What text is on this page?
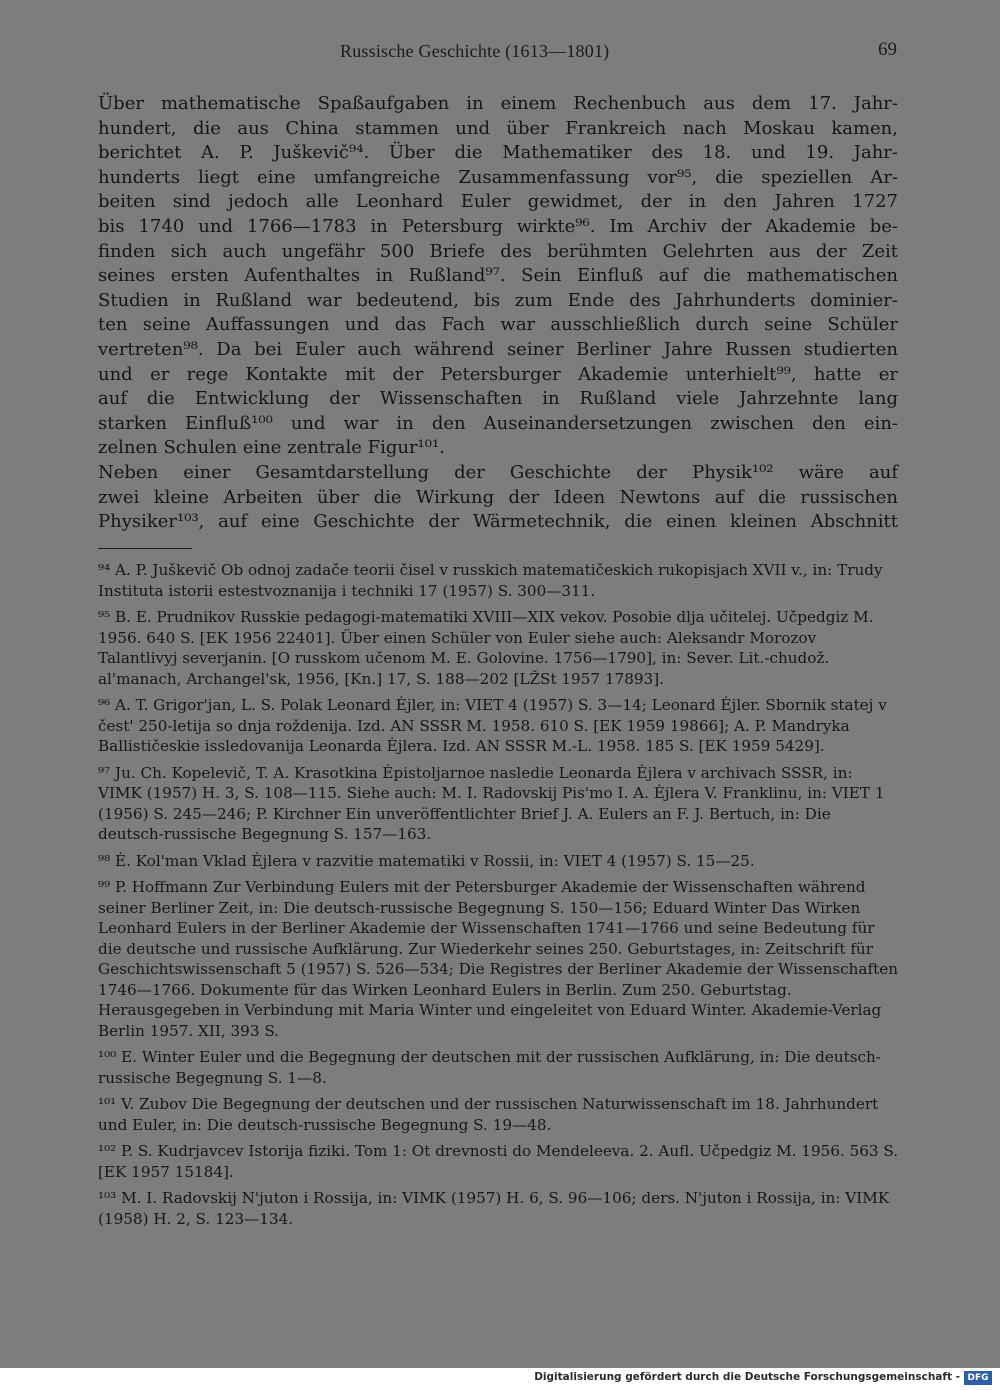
Russische Geschichte (1613—1801)	69
Über mathematische Spaßaufgaben in einem Rechenbuch aus dem 17. Jahr-
hundert, die aus China stammen und über Frankreich nach Moskau kamen,
berichtet A. P. Juškevič⁹⁴. Über die Mathematiker des 18. und 19. Jahr-
hunderts liegt eine umfangreiche Zusammenfassung vor⁹⁵, die speziellen Ar-
beiten sind jedoch alle Leonhard Euler gewidmet, der in den Jahren 1727
bis 1740 und 1766—1783 in Petersburg wirkte⁹⁶. Im Archiv der Akademie be-
finden sich auch ungefähr 500 Briefe des berühmten Gelehrten aus der Zeit
seines ersten Aufenthaltes in Rußland⁹⁷. Sein Einfluß auf die mathematischen
Studien in Rußland war bedeutend, bis zum Ende des Jahrhunderts dominier-
ten seine Auffassungen und das Fach war ausschließlich durch seine Schüler
vertreten⁹⁸. Da bei Euler auch während seiner Berliner Jahre Russen studierten
und er rege Kontakte mit der Petersburger Akademie unterhielt⁹⁹, hatte er
auf die Entwicklung der Wissenschaften in Rußland viele Jahrzehnte lang
starken Einfluß¹⁰⁰ und war in den Auseinandersetzungen zwischen den ein-
zelnen Schulen eine zentrale Figur¹⁰¹.
Neben einer Gesamtdarstellung der Geschichte der Physik¹⁰² wäre auf
zwei kleine Arbeiten über die Wirkung der Ideen Newtons auf die russischen
Physiker¹⁰³, auf eine Geschichte der Wärmetechnik, die einen kleinen Abschnitt
⁹⁴ A. P. Juškevič Ob odnoj zadače teorii čisel v russkich matematičeskich rukopisjach XVII v., in: Trudy Instituta istorii estestvoznanija i techniki 17 (1957) S. 300—311.
⁹⁵ B. E. Prudnikov Russkie pedagogi-matematiki XVIII—XIX vekov. Posobie dlja učitelej. Učpedgiz M. 1956. 640 S. [EK 1956 22401]. Über einen Schüler von Euler siehe auch: Aleksandr Morozov Talantlivyj severjanin. [O russkom učenom M. E. Golovine. 1756—1790], in: Sever. Lit.-chudož. al'manach, Archangel'sk, 1956, [Kn.] 17, S. 188—202 [LŽSt 1957 17893].
⁹⁶ A. T. Grigor'jan, L. S. Polak Leonard Ėjler, in: VIET 4 (1957) S. 3—14; Leonard Ėjler. Sbornik statej v čest' 250-letija so dnja roždenija. Izd. AN SSSR M. 1958. 610 S. [EK 1959 19866]; A. P. Mandryka Ballističeskie issledovanija Leonarda Ėjlera. Izd. AN SSSR M.-L. 1958. 185 S. [EK 1959 5429].
⁹⁷ Ju. Ch. Kopelevič, T. A. Krasotkina Ėpistoljarnoe nasledie Leonarda Ėjlera v archivach SSSR, in: VIMK (1957) H. 3, S. 108—115. Siehe auch: M. I. Radovskij Pis'mo I. A. Ėjlera V. Franklinu, in: VIET 1 (1956) S. 245—246; P. Kirchner Ein unveröffentlichter Brief J. A. Eulers an F. J. Bertuch, in: Die deutsch-russische Begegnung S. 157—163.
⁹⁸ Ė. Kol'man Vklad Ėjlera v razvitie matematiki v Rossii, in: VIET 4 (1957) S. 15—25.
⁹⁹ P. Hoffmann Zur Verbindung Eulers mit der Petersburger Akademie der Wissenschaften während seiner Berliner Zeit, in: Die deutsch-russische Begegnung S. 150—156; Eduard Winter Das Wirken Leonhard Eulers in der Berliner Akademie der Wissenschaften 1741—1766 und seine Bedeutung für die deutsche und russische Aufklärung. Zur Wiederkehr seines 250. Geburtstages, in: Zeitschrift für Geschichtswissenschaft 5 (1957) S. 526—534; Die Registres der Berliner Akademie der Wissenschaften 1746—1766. Dokumente für das Wirken Leonhard Eulers in Berlin. Zum 250. Geburtstag. Herausgegeben in Verbindung mit Maria Winter und eingeleitet von Eduard Winter. Akademie-Verlag Berlin 1957. XII, 393 S.
¹⁰⁰ E. Winter Euler und die Begegnung der deutschen mit der russischen Aufklärung, in: Die deutsch-russische Begegnung S. 1—8.
¹⁰¹ V. Zubov Die Begegnung der deutschen und der russischen Naturwissenschaft im 18. Jahrhundert und Euler, in: Die deutsch-russische Begegnung S. 19—48.
¹⁰² P. S. Kudrjavcev Istorija fiziki. Tom 1: Ot drevnosti do Mendeleeva. 2. Aufl. Učpedgiz M. 1956. 563 S. [EK 1957 15184].
¹⁰³ M. I. Radovskij N'juton i Rossija, in: VIMK (1957) H. 6, S. 96—106; ders. N'juton i Rossija, in: VIMK (1958) H. 2, S. 123—134.
Digitalisierung gefördert durch die Deutsche Forschungsgemeinschaft - DFG
